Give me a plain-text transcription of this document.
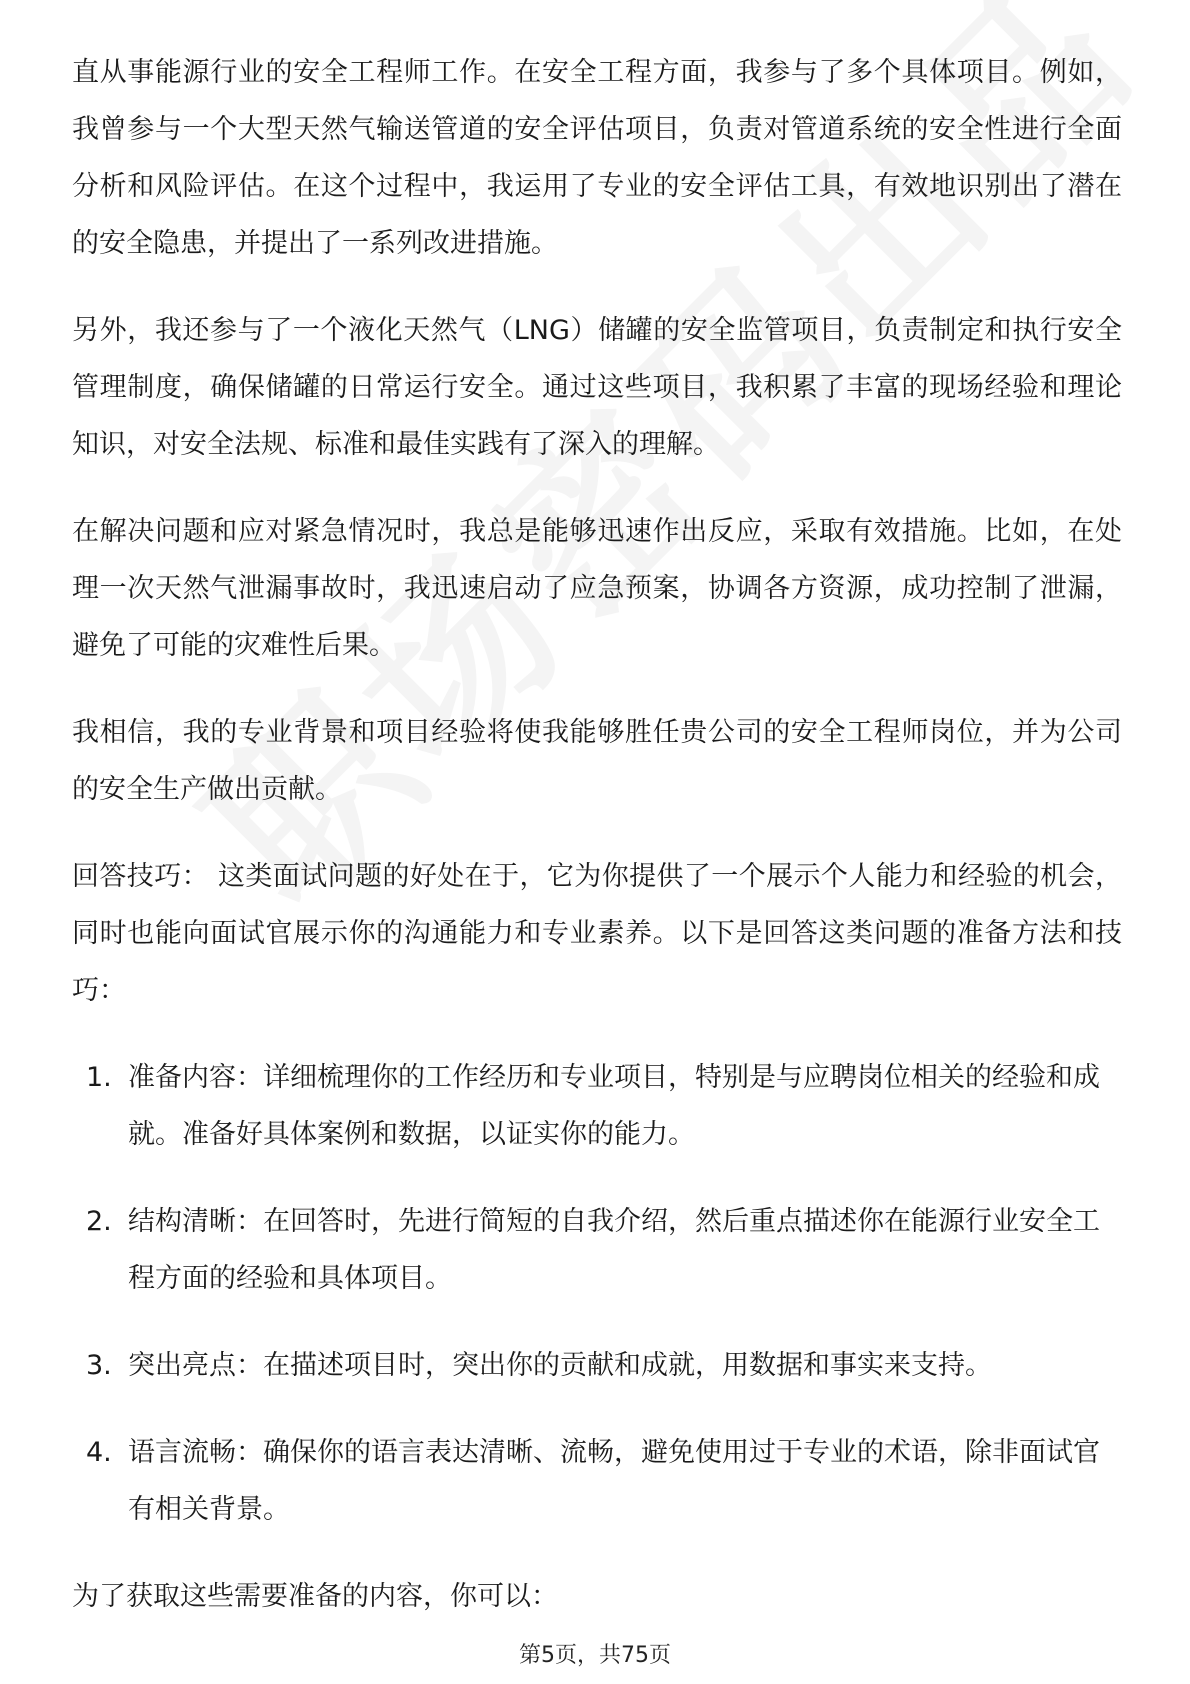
直从事能源行业的安全工程师工作。在安全工程方面，我参与了多个具体项目。例如，我曾参与一个大型天然气输送管道的安全评估项目，负责对管道系统的安全性进行全面分析和风险评估。在这个过程中，我运用了专业的安全评估工具，有效地识别出了潜在的安全隐患，并提出了一系列改进措施。

另外，我还参与了一个液化天然气（LNG）储罐的安全监管项目，负责制定和执行安全管理制度，确保储罐的日常运行安全。通过这些项目，我积累了丰富的现场经验和理论知识，对安全法规、标准和最佳实践有了深入的理解。

在解决问题和应对紧急情况时，我总是能够迅速作出反应，采取有效措施。比如，在处理一次天然气泄漏事故时，我迅速启动了应急预案，协调各方资源，成功控制了泄漏，避免了可能的灾难性后果。

我相信，我的专业背景和项目经验将使我能够胜任贵公司的安全工程师岗位，并为公司的安全生产做出贡献。

回答技巧： 这类面试问题的好处在于，它为你提供了一个展示个人能力和经验的机会，同时也能向面试官展示你的沟通能力和专业素养。以下是回答这类问题的准备方法和技巧：

1. 准备内容：详细梳理你的工作经历和专业项目，特别是与应聘岗位相关的经验和成就。准备好具体案例和数据，以证实你的能力。
2. 结构清晰：在回答时，先进行简短的自我介绍，然后重点描述你在能源行业安全工程方面的经验和具体项目。
3. 突出亮点：在描述项目时，突出你的贡献和成就，用数据和事实来支持。
4. 语言流畅：确保你的语言表达清晰、流畅，避免使用过于专业的术语，除非面试官有相关背景。

为了获取这些需要准备的内容，你可以：

第5页，共75页
